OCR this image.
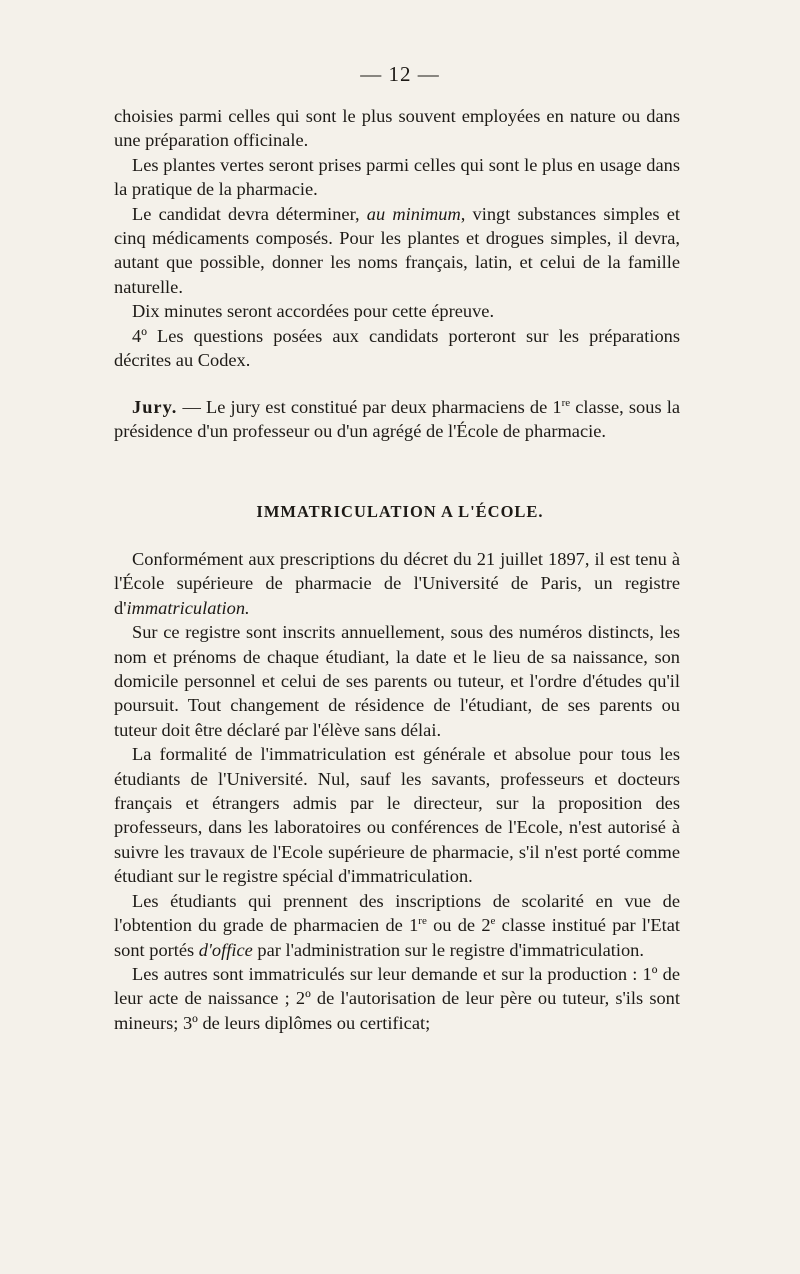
— 12 —

choisies parmi celles qui sont le plus souvent employées en nature ou dans une préparation officinale.

Les plantes vertes seront prises parmi celles qui sont le plus en usage dans la pratique de la pharmacie.

Le candidat devra déterminer, au minimum, vingt substances simples et cinq médicaments composés. Pour les plantes et drogues simples, il devra, autant que possible, donner les noms français, latin, et celui de la famille naturelle.

Dix minutes seront accordées pour cette épreuve.

4º Les questions posées aux candidats porteront sur les préparations décrites au Codex.

Jury. — Le jury est constitué par deux pharmaciens de 1re classe, sous la présidence d'un professeur ou d'un agrégé de l'École de pharmacie.

IMMATRICULATION A L'ÉCOLE.

Conformément aux prescriptions du décret du 21 juillet 1897, il est tenu à l'École supérieure de pharmacie de l'Université de Paris, un registre d'immatriculation.

Sur ce registre sont inscrits annuellement, sous des numéros distincts, les nom et prénoms de chaque étudiant, la date et le lieu de sa naissance, son domicile personnel et celui de ses parents ou tuteur, et l'ordre d'études qu'il poursuit. Tout changement de résidence de l'étudiant, de ses parents ou tuteur doit être déclaré par l'élève sans délai.

La formalité de l'immatriculation est générale et absolue pour tous les étudiants de l'Université. Nul, sauf les savants, professeurs et docteurs français et étrangers admis par le directeur, sur la proposition des professeurs, dans les laboratoires ou conférences de l'Ecole, n'est autorisé à suivre les travaux de l'Ecole supérieure de pharmacie, s'il n'est porté comme étudiant sur le registre spécial d'immatriculation.

Les étudiants qui prennent des inscriptions de scolarité en vue de l'obtention du grade de pharmacien de 1re ou de 2e classe institué par l'Etat sont portés d'office par l'administration sur le registre d'immatriculation.

Les autres sont immatriculés sur leur demande et sur la production : 1º de leur acte de naissance ; 2º de l'autorisation de leur père ou tuteur, s'ils sont mineurs; 3º de leurs diplômes ou certificat;
